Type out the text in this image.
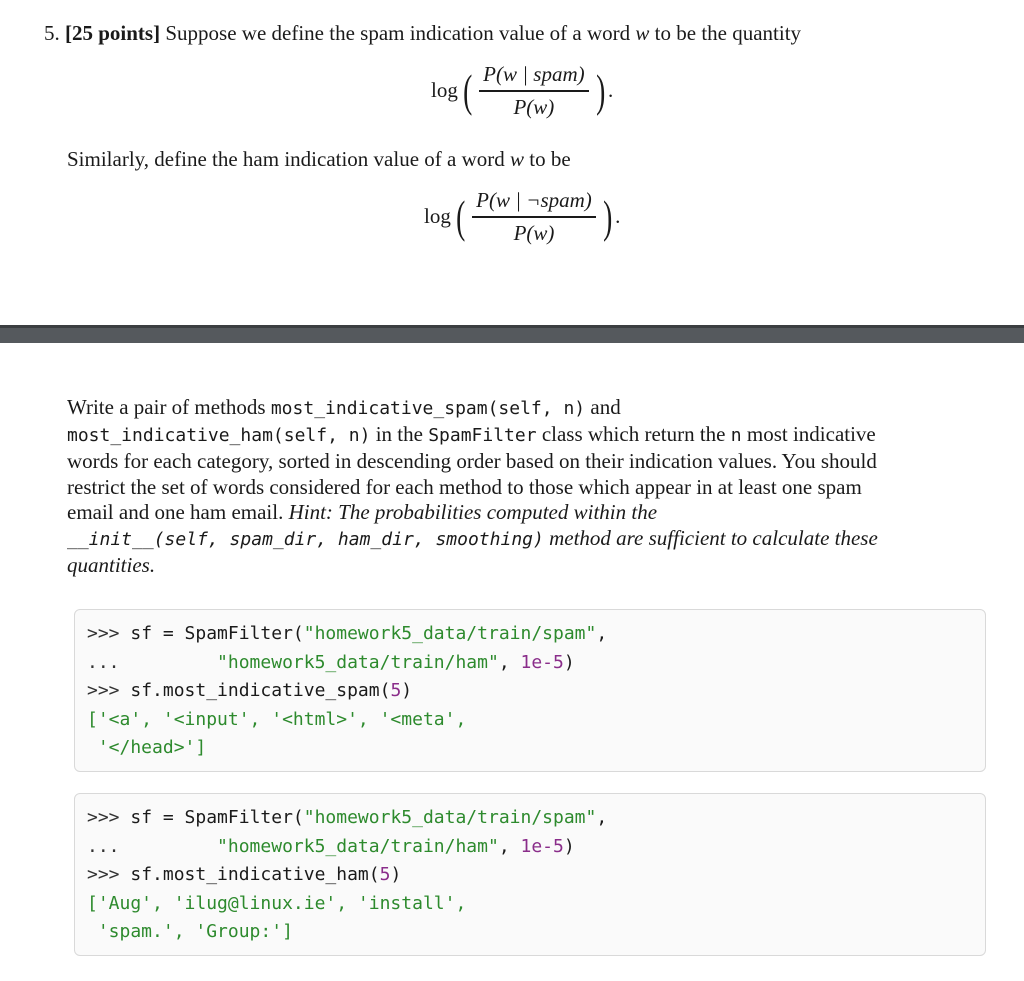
5. [25 points] Suppose we define the spam indication value of a word w to be the quantity
log ( $\frac{\text{P(w | spam)}}{P(w)}$ ) .
Similarly, define the ham indication value of a word w to be
log ( $\frac{\text{P(w | ¬spam)}}{P(w)}$ ) .
Write a pair of methods most_indicative_spam(self, n) and
most_indicative_ham(self, n) in the SpamFilter class which return the n most indicative
words for each category, sorted in descending order based on their indication values. You should
restrict the set of words considered for each method to those which appear in at least one spam
email and one ham email. Hint: The probabilities computed within the
__init__(self, spam_dir, ham_dir, smoothing) method are sufficient to calculate these
quantities.
>>> sf = SpamFilter("homework5_data/train/spam",
...         "homework5_data/train/ham", 1e-5)
>>> sf.most_indicative_spam(5)
['<a', '<input', '<html>', '<meta',
'</head>']
>>> sf = SpamFilter("homework5_data/train/spam",
...         "homework5_data/train/ham", 1e-5)
>>> sf.most_indicative_ham(5)
['Aug', 'ilug@linux.ie', 'install',
'spam.', 'Group:']
